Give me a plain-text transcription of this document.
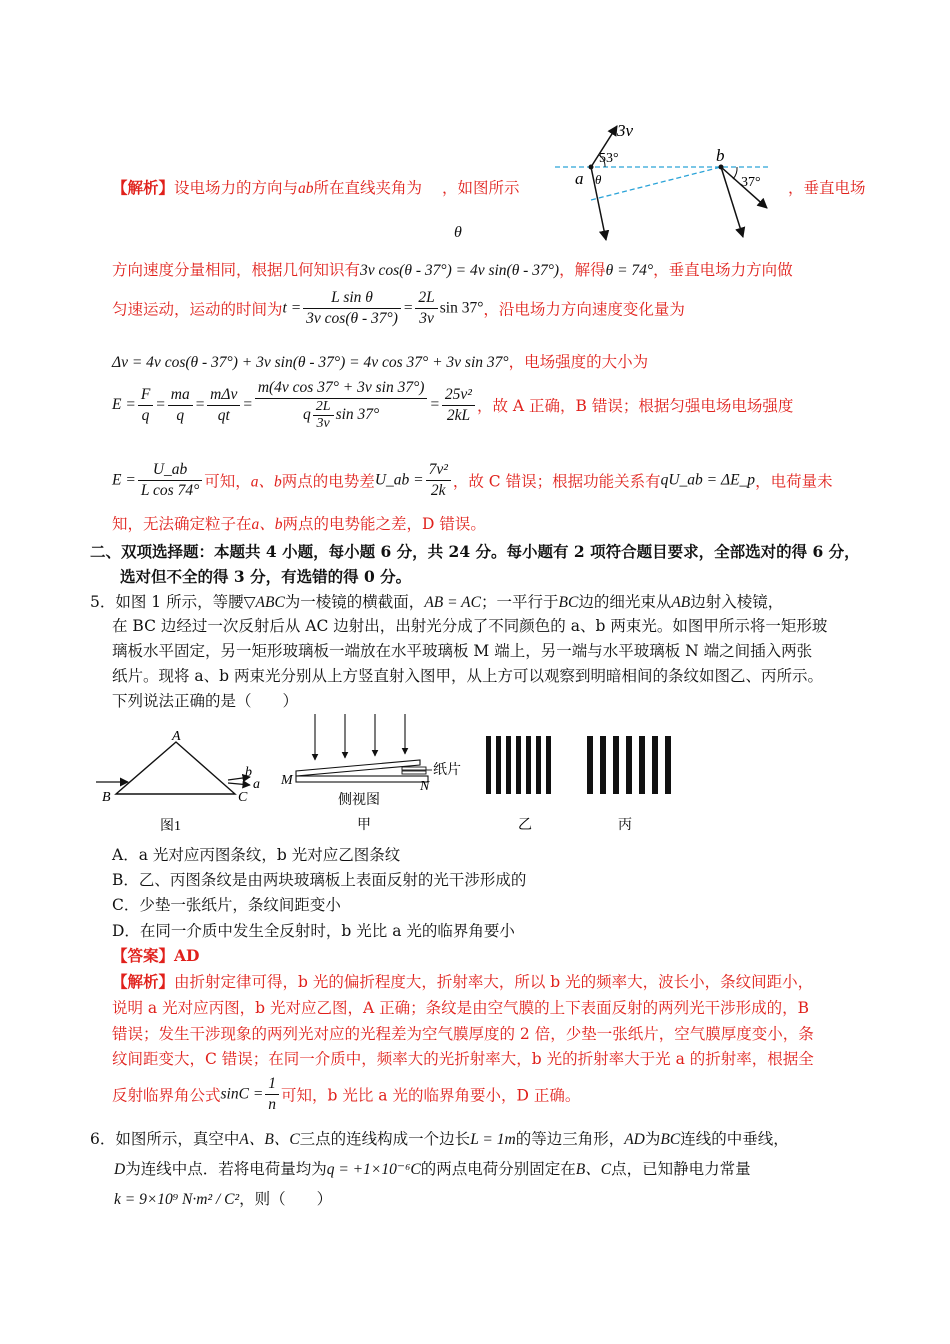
【解析】设电场力的方向与ab所在直线夹角为 ，如图所示	，垂直电场
θ
3v
53°
a θ
b
37°
方向速度分量相同，根据几何知识有3v cos(θ - 37°) = 4v sin(θ - 37°)，解得θ = 74°，垂直电场力方向做
匀速运动，运动的时间为$t = \frac{\text{L sin θ}}{\text{3v cos(θ - 37°)}} = \frac{2L}{3v}$ sin 37°，沿电场力方向速度变化量为
Δv = 4v cos(θ - 37°) + 3v sin(θ - 37°) = 4v cos 37° + 3v sin 37°，电场强度的大小为
$E = \frac{F}{q} = \frac{ma}{q} = \frac{\text{mΔv}}{qt} = \frac{\text{m(4v cos 37° + 3v sin 37°)}}{q \frac{2L}{3v} \sin 37^\circ} = \frac{\text{25v²}}{2kL}$ ，故 A 正确，B 错误；根据匀强电场电场强度
$E = \frac{U\_ab}{\text{L cos 74°}}$ 可知，a、b两点的电势差U_ab = $\frac{\text{7v²}}{2k}$ ，故 C 错误；根据功能关系有qU_ab = ΔE_p，电荷量未
知，无法确定粒子在a、b两点的电势能之差，D 错误。
二、双项选择题：本题共 4 小题，每小题 6 分，共 24 分。每小题有 2 项符合题目要求，全部选对的得 6 分，
选对但不全的得 3 分，有选错的得 0 分。
5．如图 1 所示，等腰▽ABC为一棱镜的横截面，AB = AC；一平行于BC边的细光束从AB边射入棱镜，
在 BC 边经过一次反射后从 AC 边射出，出射光分成了不同颜色的 a、b 两束光。如图甲所示将一矩形玻
璃板水平固定，另一矩形玻璃板一端放在水平玻璃板 M 端上，另一端与水平玻璃板 N 端之间插入两张
纸片。现将 a、b 两束光分别从上方竖直射入图甲，从上方可以观察到明暗相间的条纹如图乙、丙所示。
下列说法正确的是（　　）
A
B	C
b
a
图1
M	N
纸片
侧视图
甲	乙	丙
A．a 光对应丙图条纹，b 光对应乙图条纹
B．乙、丙图条纹是由两块玻璃板上表面反射的光干涉形成的
C．少垫一张纸片，条纹间距变小
D．在同一介质中发生全反射时，b 光比 a 光的临界角要小
【答案】AD
【解析】由折射定律可得，b 光的偏折程度大，折射率大，所以 b 光的频率大，波长小，条纹间距小，
说明 a 光对应丙图，b 光对应乙图，A 正确；条纹是由空气膜的上下表面反射的两列光干涉形成的，B
错误；发生干涉现象的两列光对应的光程差为空气膜厚度的 2 倍，少垫一张纸片，空气膜厚度变小，条
纹间距变大，C 错误；在同一介质中，频率大的光折射率大，b 光的折射率大于光 a 的折射率，根据全
反射临界角公式$\sin C = \frac{1}{n}$ 可知，b 光比 a 光的临界角要小，D 正确。
6．如图所示，真空中A、B、C三点的连线构成一个边长L = 1m的等边三角形，AD为BC连线的中垂线，
D为连线中点．若将电荷量均为q = +1×10⁻⁶C的两点电荷分别固定在B、C点，已知静电力常量
k = 9×10⁹ N·m² / C²，则（　　）
